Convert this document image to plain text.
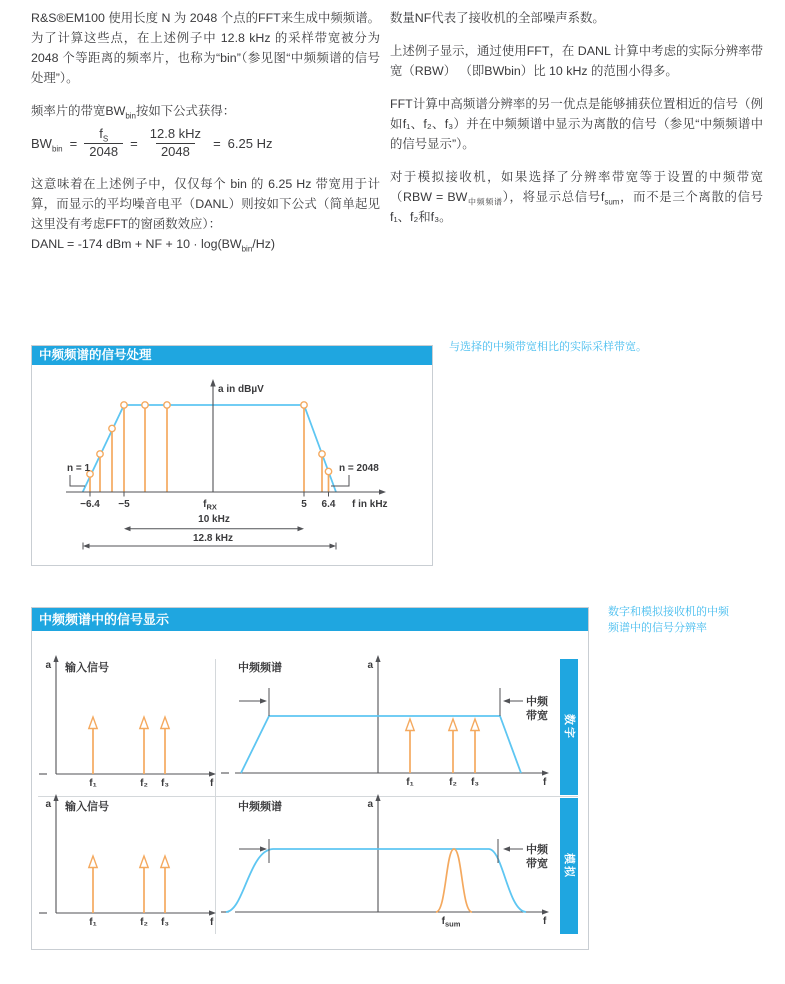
R&S®EM100 使用长度 N 为 2048 个点的FFT来生成中频频谱。为了计算这些点，在上述例子中 12.8 kHz 的采样带宽被分为 2048 个等距离的频率片，也称为“bin”（参见图“中频频谱的信号处理”）。

频率片的带宽$BW_{bin}$按如下公式获得：

$BW_{bin} = \frac{f_S}{2048} = \frac{\text{12.8 kHz}}{2048} = 6.25$ Hz

这意味着在上述例子中，仅仅每个 bin 的 6.25 Hz 带宽用于计算，而显示的平均噪音电平（DANL）则按如下公式（简单起见这里没有考虑FFT的窗函数效应）：

DANL = -174 dBm + NF + $10 \cdot \log(BW_{bin}/Hz)$

数量NF代表了接收机的全部噪声系数。

上述例子显示，通过使用FFT，在 DANL 计算中考虑的实际分辨率带宽（RBW） （即BWbin）比 10 kHz 的范围小得多。

FFT计算中高频谱分辨率的另一优点是能够捕获位置相近的信号（例如f₁、f₂、f₃）并在中频频谱中显示为离散的信号（参见“中频频谱中的信号显示”）。

对于模拟接收机，如果选择了分辨率带宽等于设置的中频带宽$(RBW = BW_{中频频谱})$，将显示总信号$f_{sum}$，而不是三个离散的信号f₁、f₂和f₃。

中频频谱的信号处理
a in dBµV
−6.4 −5	$f_{RX}$	5 6.4 f in kHz
n = 1	n = 2048
10 kHz
12.8 kHz
与选择的中频带宽相比的实际采样带宽。
中频频谱中的信号显示
a 输入信号
f
f₁	f₂ f₃
中频频谱	a
f
中频
带宽
f₁	f₂ f₃
数字
a 输入信号
f
f₁	f₂ f₃
中频频谱	a
f
中频
带宽
$f_{sum}$
模拟
数字和模拟接收机的中频
频谱中的信号分辨率
